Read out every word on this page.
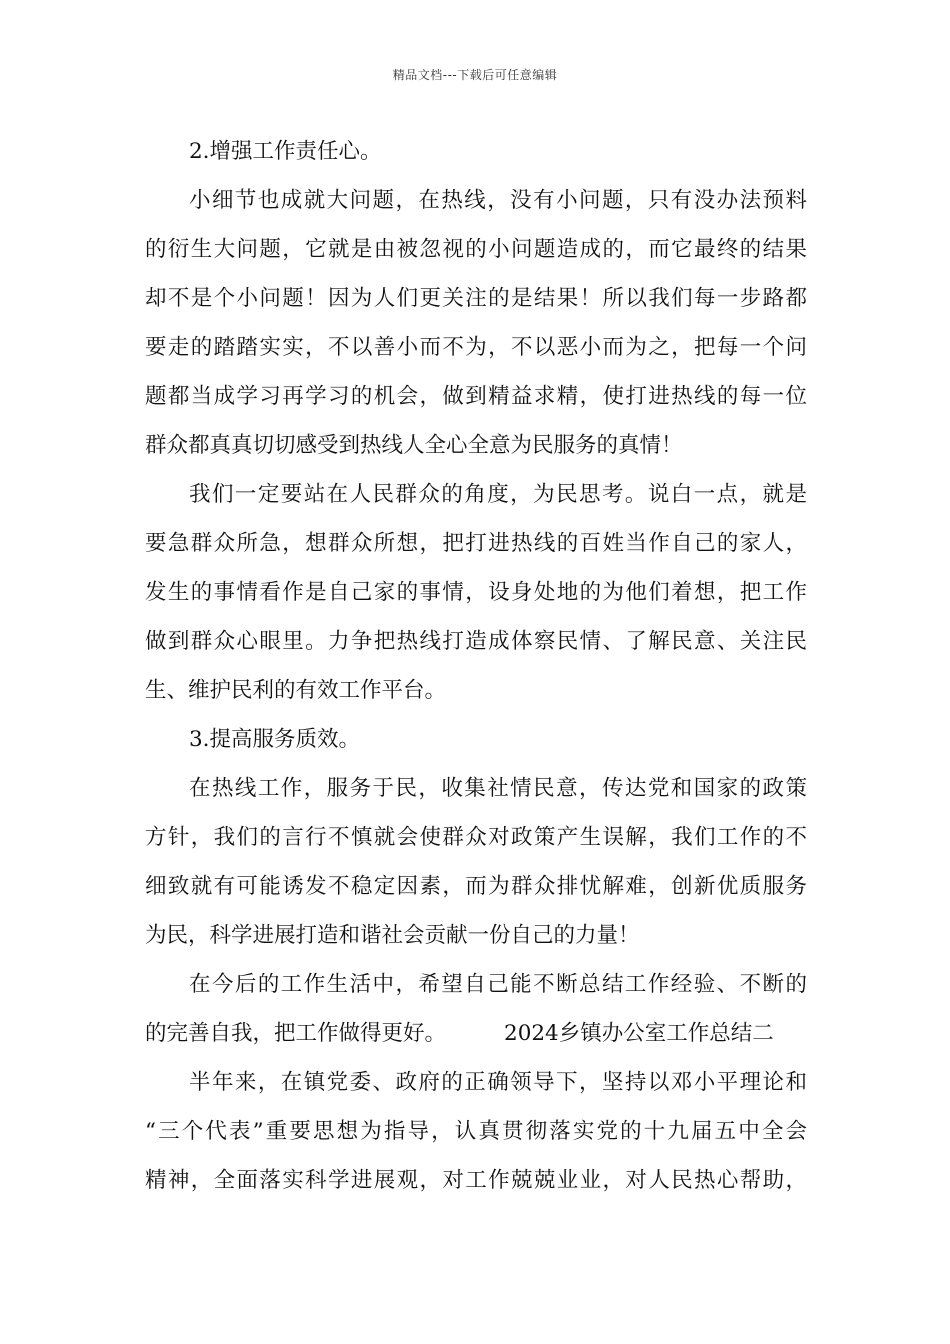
精品文档---下载后可任意编辑
2.增强工作责任心。
小细节也成就大问题，在热线，没有小问题，只有没办法预料
的衍生大问题，它就是由被忽视的小问题造成的，而它最终的结果
却不是个小问题！因为人们更关注的是结果！所以我们每一步路都
要走的踏踏实实，不以善小而不为，不以恶小而为之，把每一个问
题都当成学习再学习的机会，做到精益求精，使打进热线的每一位
群众都真真切切感受到热线人全心全意为民服务的真情！
我们一定要站在人民群众的角度，为民思考。说白一点，就是
要急群众所急，想群众所想，把打进热线的百姓当作自己的家人，
发生的事情看作是自己家的事情，设身处地的为他们着想，把工作
做到群众心眼里。力争把热线打造成体察民情、了解民意、关注民
生、维护民利的有效工作平台。
3.提高服务质效。
在热线工作，服务于民，收集社情民意，传达党和国家的政策
方针，我们的言行不慎就会使群众对政策产生误解，我们工作的不
细致就有可能诱发不稳定因素，而为群众排忧解难，创新优质服务
为民，科学进展打造和谐社会贡献一份自己的力量！
在今后的工作生活中，希望自己能不断总结工作经验、不断的
的完善自我，把工作做得更好。	2024乡镇办公室工作总结二
半年来，在镇党委、政府的正确领导下，坚持以邓小平理论和
“三个代表”重要思想为指导，认真贯彻落实党的十九届五中全会
精神，全面落实科学进展观，对工作兢兢业业，对人民热心帮助，
